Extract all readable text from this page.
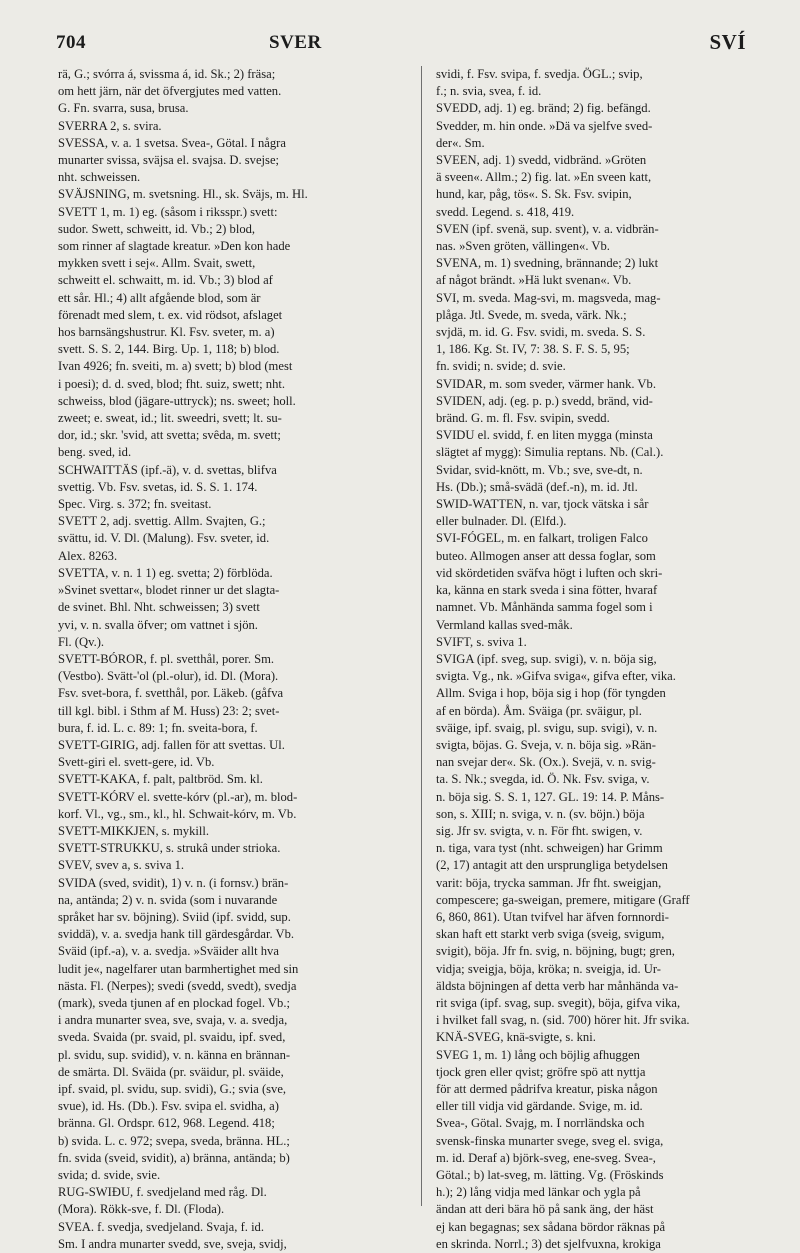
704	SVER	SVÍ
rä, G.; svórra á, svissma á, id. Sk.; 2) fräsa;
om hett järn, när det öfvergjutes med vatten.
G. Fn. svarra, susa, brusa.
SVERRA 2, s. svira.
SVESSA, v. a. 1 svetsa. Svea-, Götal. I några
munarter svissa, sväjsa el. svajsa. D. svejse;
nht. schweissen.
SVÄJSNING, m. svetsning. Hl., sk. Sväjs, m. Hl.
SVETT 1, m. 1) eg. (såsom i riksspr.) svett:
sudor. Swett, schweitt, id. Vb.; 2) blod,
som rinner af slagtade kreatur. »Den kon hade
mykken svett i sej«. Allm. Svait, swett,
schweitt el. schwaitt, m. id. Vb.; 3) blod af
ett sår. Hl.; 4) allt afgående blod, som är
förenadt med slem, t. ex. vid rödsot, afslaget
hos barnsängshustrur. Kl. Fsv. sveter, m. a)
svett. S. S. 2, 144. Birg. Up. 1, 118; b) blod.
Ivan 4926; fn. sveiti, m. a) svett; b) blod (mest
i poesi); d. d. sved, blod; fht. suiz, swett; nht.
schweiss, blod (jägare-uttryck); ns. sweet; holl.
zweet; e. sweat, id.; lit. sweedri, svett; lt. su-
dor, id.; skr. 'svid, att svetta; svêda, m. svett;
beng. sved, id.
SCHWAITTÄS (ipf.-ä), v. d. svettas, blifva
svettig. Vb. Fsv. svetas, id. S. S. 1. 174.
Spec. Virg. s. 372; fn. sveitast.
SVETT 2, adj. svettig. Allm. Svajten, G.;
svättu, id. V. Dl. (Malung). Fsv. sveter, id.
Alex. 8263.
SVETTA, v. n. 1 1) eg. svetta; 2) förblöda.
»Svinet svettar«, blodet rinner ur det slagta-
de svinet. Bhl. Nht. schweissen; 3) svett
yvi, v. n. svalla öfver; om vattnet i sjön.
Fl. (Qv.).
SVETT-BÓROR, f. pl. svetthål, porer. Sm.
(Vestbo). Svätt-'ol (pl.-olur), id. Dl. (Mora).
Fsv. svet-bora, f. svetthål, por. Läkeb. (gåfva
till kgl. bibl. i Sthm af M. Huss) 23: 2; svet-
bura, f. id. L. c. 89: 1; fn. sveita-bora, f.
SVETT-GIRIG, adj. fallen för att svettas. Ul.
Svett-giri el. svett-gere, id. Vb.
SVETT-KAKA, f. palt, paltbröd. Sm. kl.
SVETT-KÓRV el. svette-kórv (pl.-ar), m. blod-
korf. Vl., vg., sm., kl., hl. Schwait-kórv, m. Vb.
SVETT-MIKKJEN, s. mykill.
SVETT-STRUKKU, s. strukâ under strioka.
SVEV, svev a, s. sviva 1.
SVIDA (sved, svidit), 1) v. n. (i fornsv.) brän-
na, antända; 2) v. n. svida (som i nuvarande
språket har sv. böjning). Sviid (ipf. svidd, sup.
sviddä), v. a. svedja hank till gärdesgårdar. Vb.
Sväid (ipf.-a), v. a. svedja. »Sväider allt hva
ludit je«, nagelfarer utan barmhertighet med sin
nästa. Fl. (Nerpes); svedi (svedd, svedt), svedja
(mark), sveda tjunen af en plockad fogel. Vb.;
i andra munarter svea, sve, svaja, v. a. svedja,
sveda. Svaida (pr. svaid, pl. svaidu, ipf. sved,
pl. svidu, sup. svidid), v. n. känna en brännan-
de smärta. Dl. Sväida (pr. sväidur, pl. sväide,
ipf. svaid, pl. svidu, sup. svidi), G.; svia (sve,
svue), id. Hs. (Db.). Fsv. svipa el. svidha, a)
bränna. Gl. Ordspr. 612, 968. Legend. 418;
b) svida. L. c. 972; svepa, sveda, bränna. HL.;
fn. svida (sveid, svidit), a) bränna, antända; b)
svida; d. svide, svie.
RUG-SWIÐU, f. svedjeland med råg. Dl.
(Mora). Rökk-sve, f. Dl. (Floda).
SVEA. f. svedja, svedjeland. Svaja, f. id.
Sm. I andra munarter svedd, sve, sveja, svidj,
svidi, f. Fsv. svipa, f. svedja. ÖGL.; svip,
f.; n. svia, svea, f. id.
SVEDD, adj. 1) eg. bränd; 2) fig. befängd.
Svedder, m. hin onde. »Dä va sjelfve sved-
der«. Sm.
SVEEN, adj. 1) svedd, vidbränd. »Gröten
ä sveen«. Allm.; 2) fig. lat. »En sveen katt,
hund, kar, påg, tös«. S. Sk. Fsv. svipin,
svedd. Legend. s. 418, 419.
SVEN (ipf. svenä, sup. svent), v. a. vidbrän-
nas. »Sven gröten, vällingen«. Vb.
SVENA, m. 1) svedning, brännande; 2) lukt
af något brändt. »Hä lukt svenan«. Vb.
SVI, m. sveda. Mag-svi, m. magsveda, mag-
plåga. Jtl. Svede, m. sveda, värk. Nk.;
svjdä, m. id. G. Fsv. svidi, m. sveda. S. S.
1, 186. Kg. St. IV, 7: 38. S. F. S. 5, 95;
fn. svidi; n. svide; d. svie.
SVIDAR, m. som sveder, värmer hank. Vb.
SVIDEN, adj. (eg. p. p.) svedd, bränd, vid-
bränd. G. m. fl. Fsv. svipin, svedd.
SVIDU el. svidd, f. en liten mygga (minsta
slägtet af mygg): Simulia reptans. Nb. (Cal.).
Svidar, svid-knött, m. Vb.; sve, sve-dt, n.
Hs. (Db.); små-svädä (def.-n), m. id. Jtl.
SWID-WATTEN, n. var, tjock vätska i sår
eller bulnader. Dl. (Elfd.).
SVI-FÓGEL, m. en falkart, troligen Falco
buteo. Allmogen anser att dessa foglar, som
vid skördetiden sväfva högt i luften och skri-
ka, känna en stark sveda i sina fötter, hvaraf
namnet. Vb. Månhända samma fogel som i
Vermland kallas sved-måk.
SVIFT, s. sviva 1.
SVIGA (ipf. sveg, sup. svigi), v. n. böja sig,
svigta. Vg., nk. »Gifva sviga«, gifva efter, vika.
Allm. Sviga i hop, böja sig i hop (för tyngden
af en börda). Åm. Sväiga (pr. sväigur, pl.
sväige, ipf. svaig, pl. svigu, sup. svigi), v. n.
svigta, böjas. G. Sveja, v. n. böja sig. »Rän-
nan svejar der«. Sk. (Ox.). Svejä, v. n. svig-
ta. S. Nk.; svegda, id. Ö. Nk. Fsv. sviga, v.
n. böja sig. S. S. 1, 127. GL. 19: 14. P. Måns-
son, s. XIII; n. sviga, v. n. (sv. böjn.) böja
sig. Jfr sv. svigta, v. n. För fht. swigen, v.
n. tiga, vara tyst (nht. schweigen) har Grimm
(2, 17) antagit att den ursprungliga betydelsen
varit: böja, trycka samman. Jfr fht. sweigjan,
compescere; ga-sweigan, premere, mitigare (Graff
6, 860, 861). Utan tvifvel har äfven fornnordi-
skan haft ett starkt verb sviga (sveig, svigum,
svigit), böja. Jfr fn. svig, n. böjning, bugt; gren,
vidja; sveigja, böja, kröka; n. sveigja, id. Ur-
äldsta böjningen af detta verb har månhända va-
rit sviga (ipf. svag, sup. svegit), böja, gifva vika,
i hvilket fall svag, n. (sid. 700) hörer hit. Jfr svika.
KNÄ-SVEG, knä-svigte, s. kni.
SVEG 1, m. 1) lång och böjlig afhuggen
tjock gren eller qvist; gröfre spö att nyttja
för att dermed pådrifva kreatur, piska någon
eller till vidja vid gärdande. Svige, m. id.
Svea-, Götal. Svajg, m. I norrländska och
svensk-finska munarter svege, sveg el. sviga,
m. id. Deraf a) björk-sveg, ene-sveg. Svea-,
Götal.; b) lat-sveg, m. lätting. Vg. (Fröskinds
h.); 2) lång vidja med länkar och ygla på
ändan att deri bära hö på sank äng, der häst
ej kan begagnas; sex sådana bördor räknas på
en skrinda. Norrl.; 3) det sjelfvuxna, krokiga
